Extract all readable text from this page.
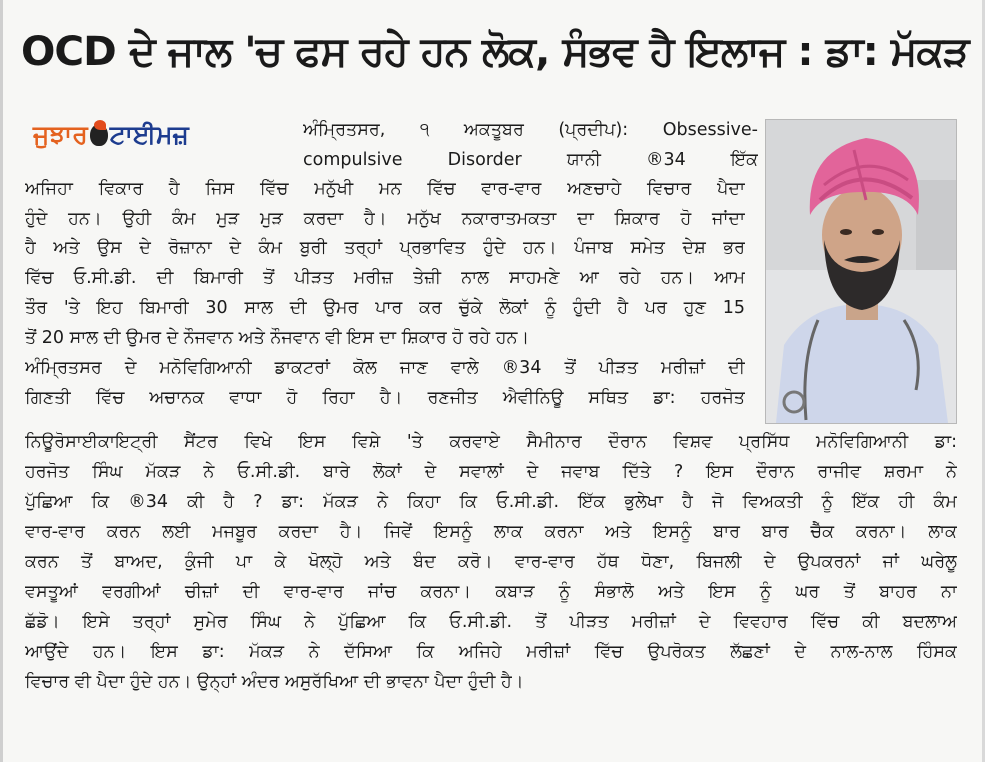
OCD ਦੇ ਜਾਲ 'ਚ ਫਸ ਰਹੇ ਹਨ ਲੋਕ, ਸੰਭਵ ਹੈ ਇਲਾਜ : ਡਾ: ਮੱਕੜ
ਜੁਝਾਰ ਟਾਈਮਜ਼	ਅੰਮ੍ਰਿਤਸਰ, ੧ ਅਕਤੂਬਰ (ਪ੍ਰਦੀਪ): Obsessive-
compulsive Disorder ਯਾਨੀ ®34 ਇੱਕ
ਅਜਿਹਾ ਵਿਕਾਰ ਹੈ ਜਿਸ ਵਿੱਚ ਮਨੁੱਖੀ ਮਨ ਵਿੱਚ ਵਾਰ-ਵਾਰ ਅਣਚਾਹੇ ਵਿਚਾਰ ਪੈਦਾ
ਹੁੰਦੇ ਹਨ। ਉਹੀ ਕੰਮ ਮੁੜ ਮੁੜ ਕਰਦਾ ਹੈ। ਮਨੁੱਖ ਨਕਾਰਾਤਮਕਤਾ ਦਾ ਸ਼ਿਕਾਰ ਹੋ ਜਾਂਦਾ
ਹੈ ਅਤੇ ਉਸ ਦੇ ਰੋਜ਼ਾਨਾ ਦੇ ਕੰਮ ਬੁਰੀ ਤਰ੍ਹਾਂ ਪ੍ਰਭਾਵਿਤ ਹੁੰਦੇ ਹਨ। ਪੰਜਾਬ ਸਮੇਤ ਦੇਸ਼ ਭਰ
ਵਿੱਚ ਓ.ਸੀ.ਡੀ. ਦੀ ਬਿਮਾਰੀ ਤੋਂ ਪੀੜਤ ਮਰੀਜ਼ ਤੇਜ਼ੀ ਨਾਲ ਸਾਹਮਣੇ ਆ ਰਹੇ ਹਨ। ਆਮ
ਤੌਰ 'ਤੇ ਇਹ ਬਿਮਾਰੀ 30 ਸਾਲ ਦੀ ਉਮਰ ਪਾਰ ਕਰ ਚੁੱਕੇ ਲੋਕਾਂ ਨੂੰ ਹੁੰਦੀ ਹੈ ਪਰ ਹੁਣ 15
ਤੋਂ 20 ਸਾਲ ਦੀ ਉਮਰ ਦੇ ਨੌਜਵਾਨ ਅਤੇ ਨੌਜਵਾਨ ਵੀ ਇਸ ਦਾ ਸ਼ਿਕਾਰ ਹੋ ਰਹੇ ਹਨ।
ਅੰਮ੍ਰਿਤਸਰ ਦੇ ਮਨੋਵਿਗਿਆਨੀ ਡਾਕਟਰਾਂ ਕੋਲ ਜਾਣ ਵਾਲੇ ®34 ਤੋਂ ਪੀੜਤ ਮਰੀਜ਼ਾਂ ਦੀ
ਗਿਣਤੀ ਵਿੱਚ ਅਚਾਨਕ ਵਾਧਾ ਹੋ ਰਿਹਾ ਹੈ। ਰਣਜੀਤ ਐਵੀਨਿਊ ਸਥਿਤ ਡਾ: ਹਰਜੋਤ
ਨਿਊਰੋਸਾਈਕਾਇਟ੍ਰੀ ਸੈਂਟਰ ਵਿਖੇ ਇਸ ਵਿਸ਼ੇ 'ਤੇ ਕਰਵਾਏ ਸੈਮੀਨਾਰ ਦੌਰਾਨ ਵਿਸ਼ਵ ਪ੍ਰਸਿੱਧ ਮਨੋਵਿਗਿਆਨੀ ਡਾ:
ਹਰਜੋਤ ਸਿੰਘ ਮੱਕੜ ਨੇ ਓ.ਸੀ.ਡੀ. ਬਾਰੇ ਲੋਕਾਂ ਦੇ ਸਵਾਲਾਂ ਦੇ ਜਵਾਬ ਦਿੱਤੇ ? ਇਸ ਦੌਰਾਨ ਰਾਜੀਵ ਸ਼ਰਮਾ ਨੇ
ਪੁੱਛਿਆ ਕਿ ®34 ਕੀ ਹੈ ? ਡਾ: ਮੱਕੜ ਨੇ ਕਿਹਾ ਕਿ ਓ.ਸੀ.ਡੀ. ਇੱਕ ਭੁਲੇਖਾ ਹੈ ਜੋ ਵਿਅਕਤੀ ਨੂੰ ਇੱਕ ਹੀ ਕੰਮ
ਵਾਰ-ਵਾਰ ਕਰਨ ਲਈ ਮਜਬੂਰ ਕਰਦਾ ਹੈ। ਜਿਵੇਂ ਇਸਨੂੰ ਲਾਕ ਕਰਨਾ ਅਤੇ ਇਸਨੂੰ ਬਾਰ ਬਾਰ ਚੈੱਕ ਕਰਨਾ। ਲਾਕ
ਕਰਨ ਤੋਂ ਬਾਅਦ, ਕੁੰਜੀ ਪਾ ਕੇ ਖੋਲ੍ਹੋ ਅਤੇ ਬੰਦ ਕਰੋ। ਵਾਰ-ਵਾਰ ਹੱਥ ਧੋਣਾ, ਬਿਜਲੀ ਦੇ ਉਪਕਰਨਾਂ ਜਾਂ ਘਰੇਲੂ
ਵਸਤੂਆਂ ਵਰਗੀਆਂ ਚੀਜ਼ਾਂ ਦੀ ਵਾਰ-ਵਾਰ ਜਾਂਚ ਕਰਨਾ। ਕਬਾੜ ਨੂੰ ਸੰਭਾਲੋ ਅਤੇ ਇਸ ਨੂੰ ਘਰ ਤੋਂ ਬਾਹਰ ਨਾ
ਛੱਡੋ। ਇਸੇ ਤਰ੍ਹਾਂ ਸੁਮੇਰ ਸਿੰਘ ਨੇ ਪੁੱਛਿਆ ਕਿ ਓ.ਸੀ.ਡੀ. ਤੋਂ ਪੀੜਤ ਮਰੀਜ਼ਾਂ ਦੇ ਵਿਵਹਾਰ ਵਿੱਚ ਕੀ ਬਦਲਾਅ
ਆਉਂਦੇ ਹਨ। ਇਸ ਡਾ: ਮੱਕੜ ਨੇ ਦੱਸਿਆ ਕਿ ਅਜਿਹੇ ਮਰੀਜ਼ਾਂ ਵਿੱਚ ਉਪਰੋਕਤ ਲੱਛਣਾਂ ਦੇ ਨਾਲ-ਨਾਲ ਹਿੰਸਕ
ਵਿਚਾਰ ਵੀ ਪੈਦਾ ਹੁੰਦੇ ਹਨ। ਉਨ੍ਹਾਂ ਅੰਦਰ ਅਸੁਰੱਖਿਆ ਦੀ ਭਾਵਨਾ ਪੈਦਾ ਹੁੰਦੀ ਹੈ।
